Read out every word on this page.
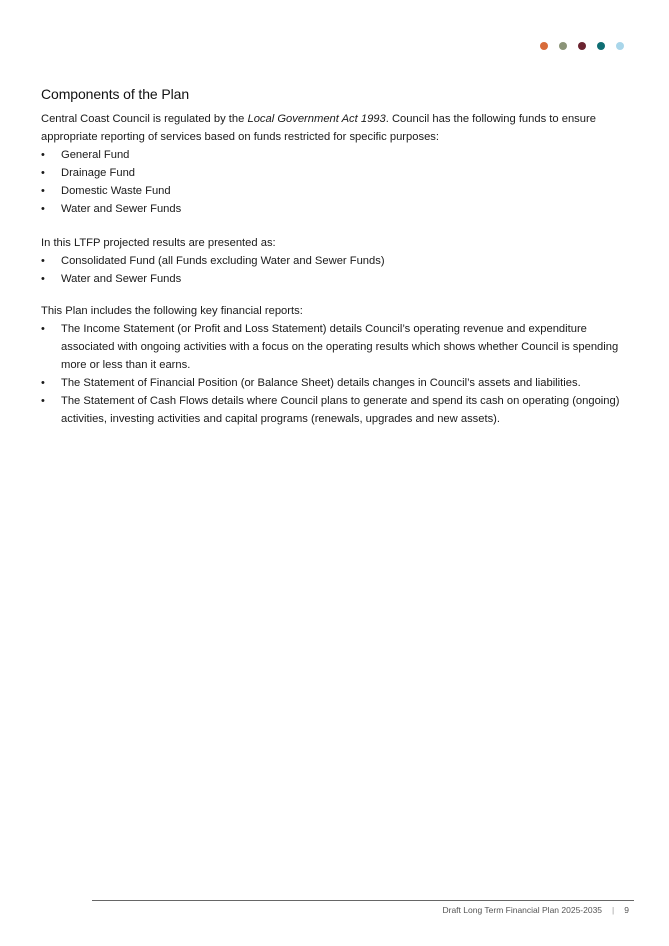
Components of the Plan

Central Coast Council is regulated by the Local Government Act 1993. Council has the following funds to ensure appropriate reporting of services based on funds restricted for specific purposes:

• General Fund
• Drainage Fund
• Domestic Waste Fund
• Water and Sewer Funds

In this LTFP projected results are presented as:

• Consolidated Fund (all Funds excluding Water and Sewer Funds)
• Water and Sewer Funds

This Plan includes the following key financial reports:

• The Income Statement (or Profit and Loss Statement) details Council’s operating revenue and expenditure associated with ongoing activities with a focus on the operating results which shows whether Council is spending more or less than it earns.
• The Statement of Financial Position (or Balance Sheet) details changes in Council’s assets and liabilities.
• The Statement of Cash Flows details where Council plans to generate and spend its cash on operating (ongoing) activities, investing activities and capital programs (renewals, upgrades and new assets).
Draft Long Term Financial Plan 2025-2035 | 9
